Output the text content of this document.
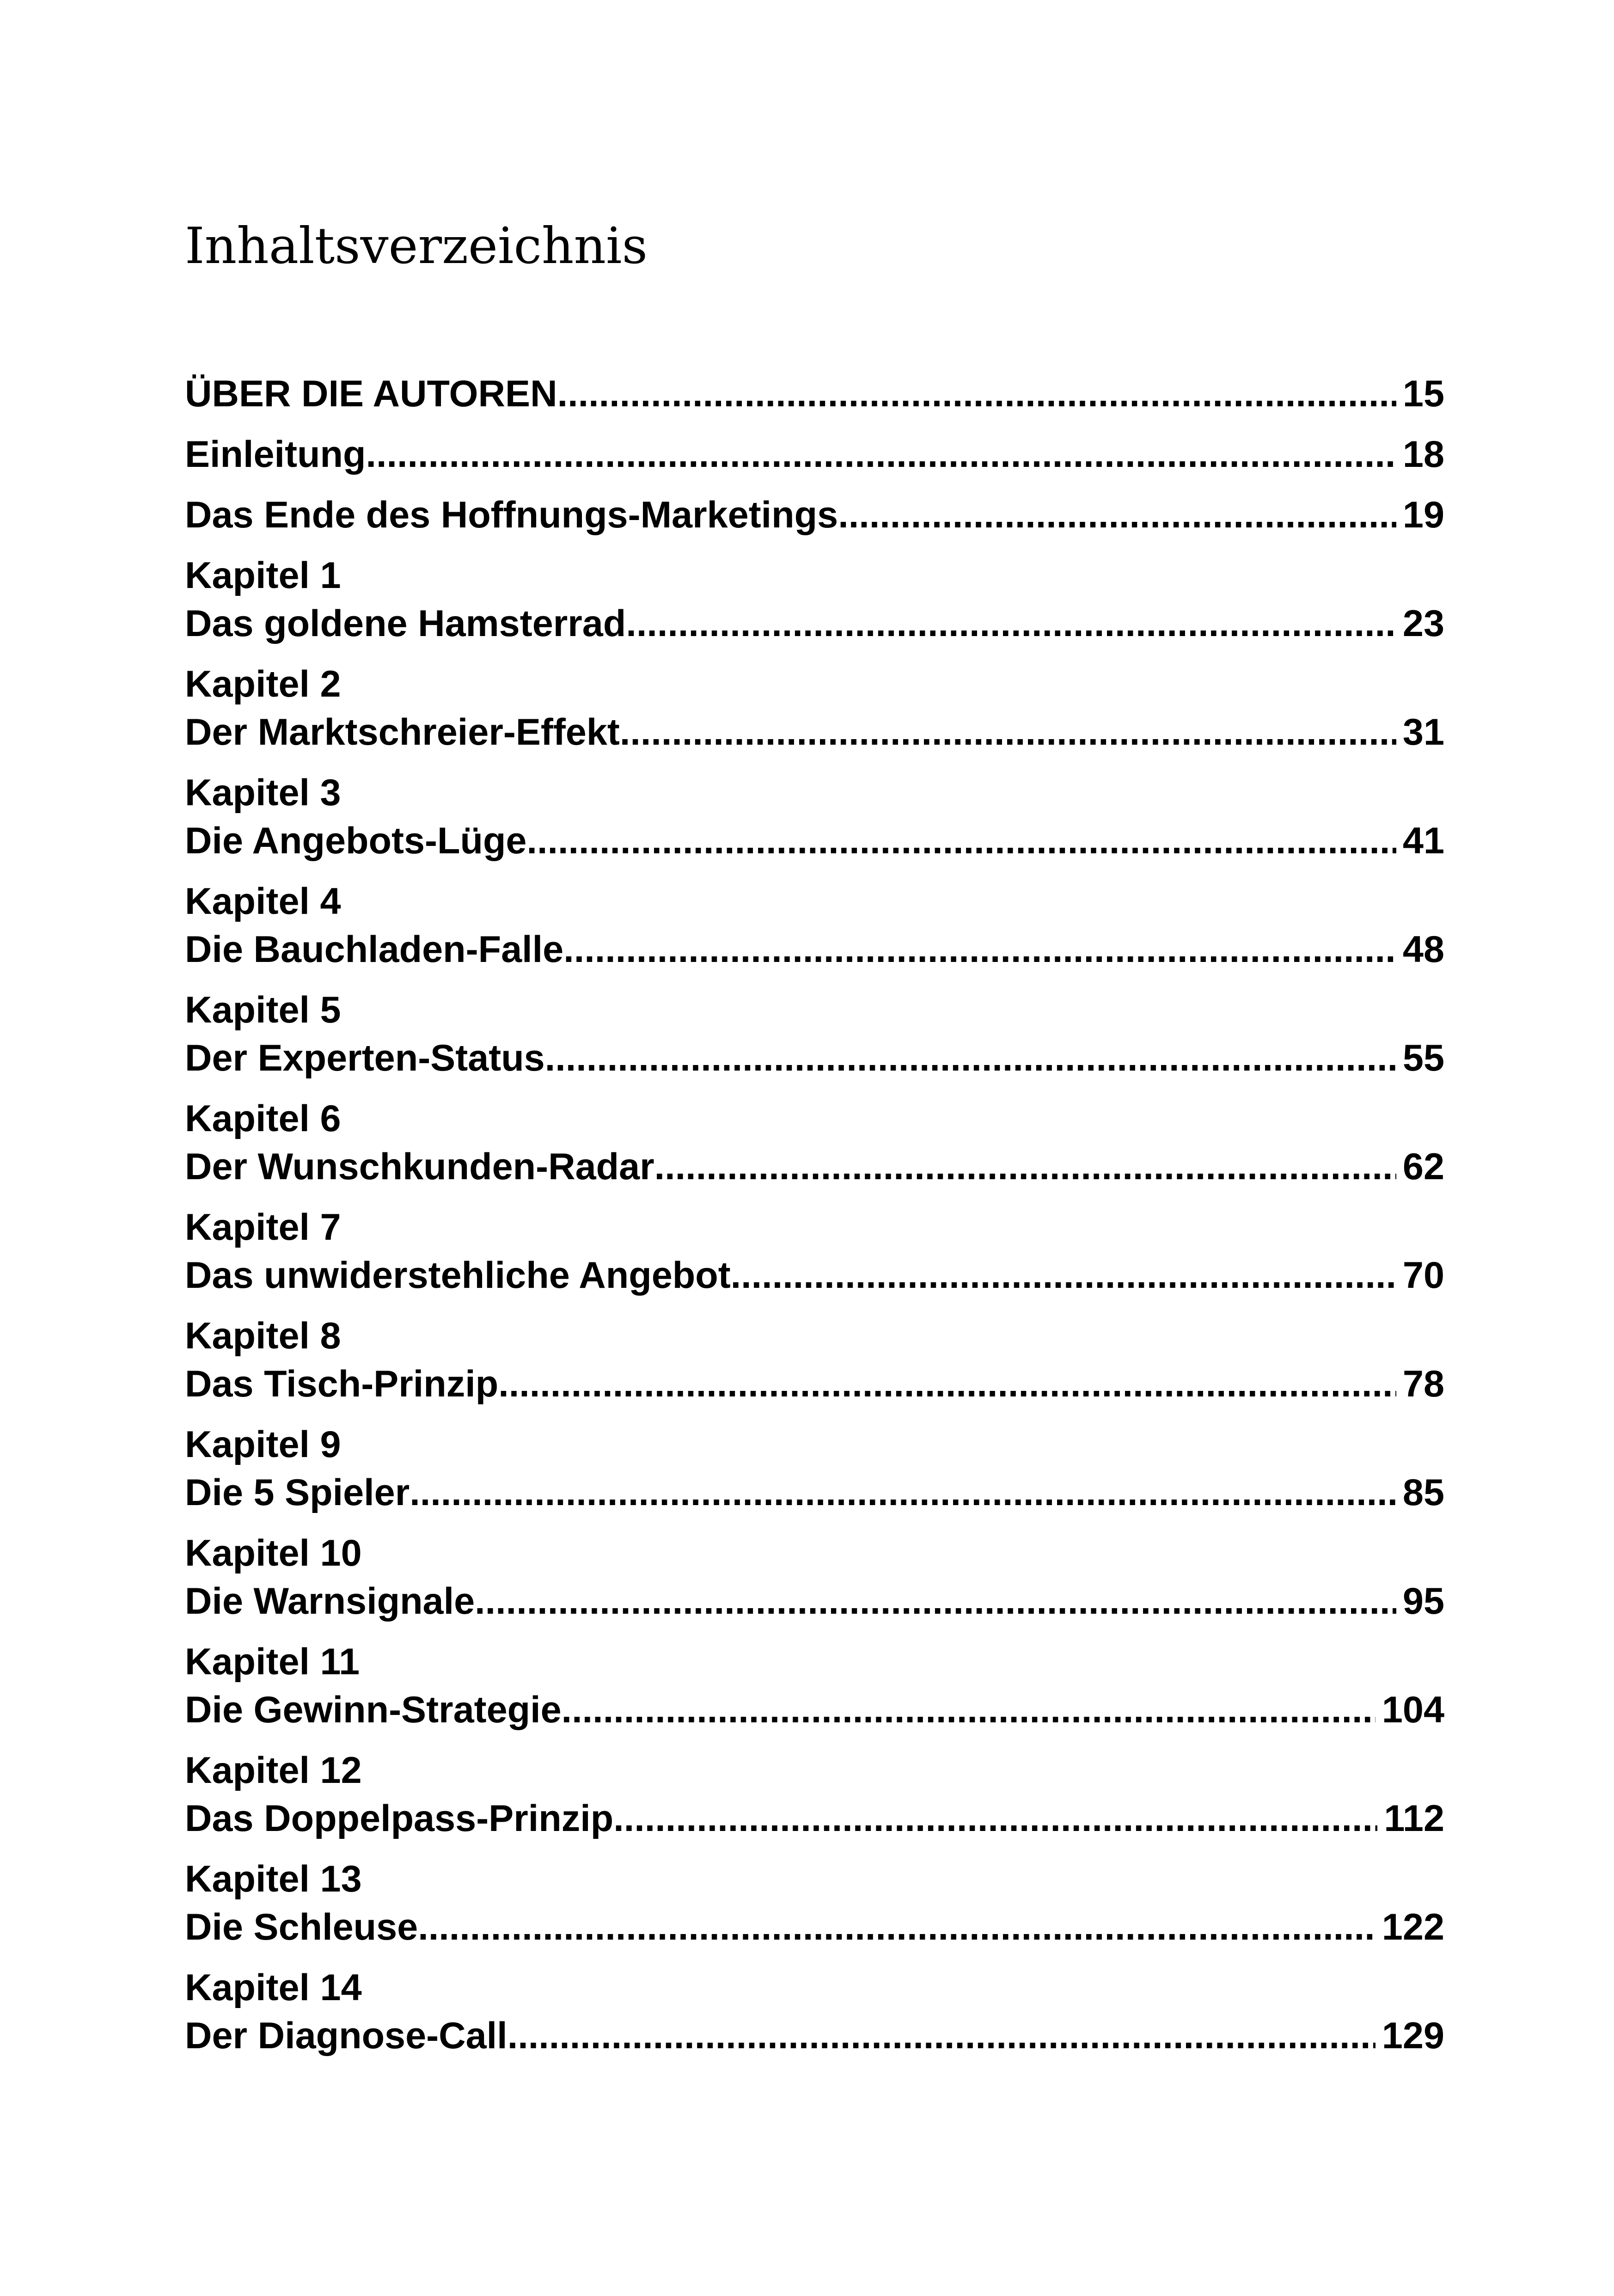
Inhaltsverzeichnis
ÜBER DIE AUTOREN .....	15
Einleitung .....	18
Das Ende des Hoffnungs-Marketings .....	19
Kapitel 1
Das goldene Hamsterrad .....	23
Kapitel 2
Der Marktschreier-Effekt .....	31
Kapitel 3
Die Angebots-Lüge .....	41
Kapitel 4
Die Bauchladen-Falle .....	48
Kapitel 5
Der Experten-Status .....	55
Kapitel 6
Der Wunschkunden-Radar .....	62
Kapitel 7
Das unwiderstehliche Angebot .....	70
Kapitel 8
Das Tisch-Prinzip .....	78
Kapitel 9
Die 5 Spieler .....	85
Kapitel 10
Die Warnsignale .....	95
Kapitel 11
Die Gewinn-Strategie .....	104
Kapitel 12
Das Doppelpass-Prinzip .....	112
Kapitel 13
Die Schleuse .....	122
Kapitel 14
Der Diagnose-Call .....	129
